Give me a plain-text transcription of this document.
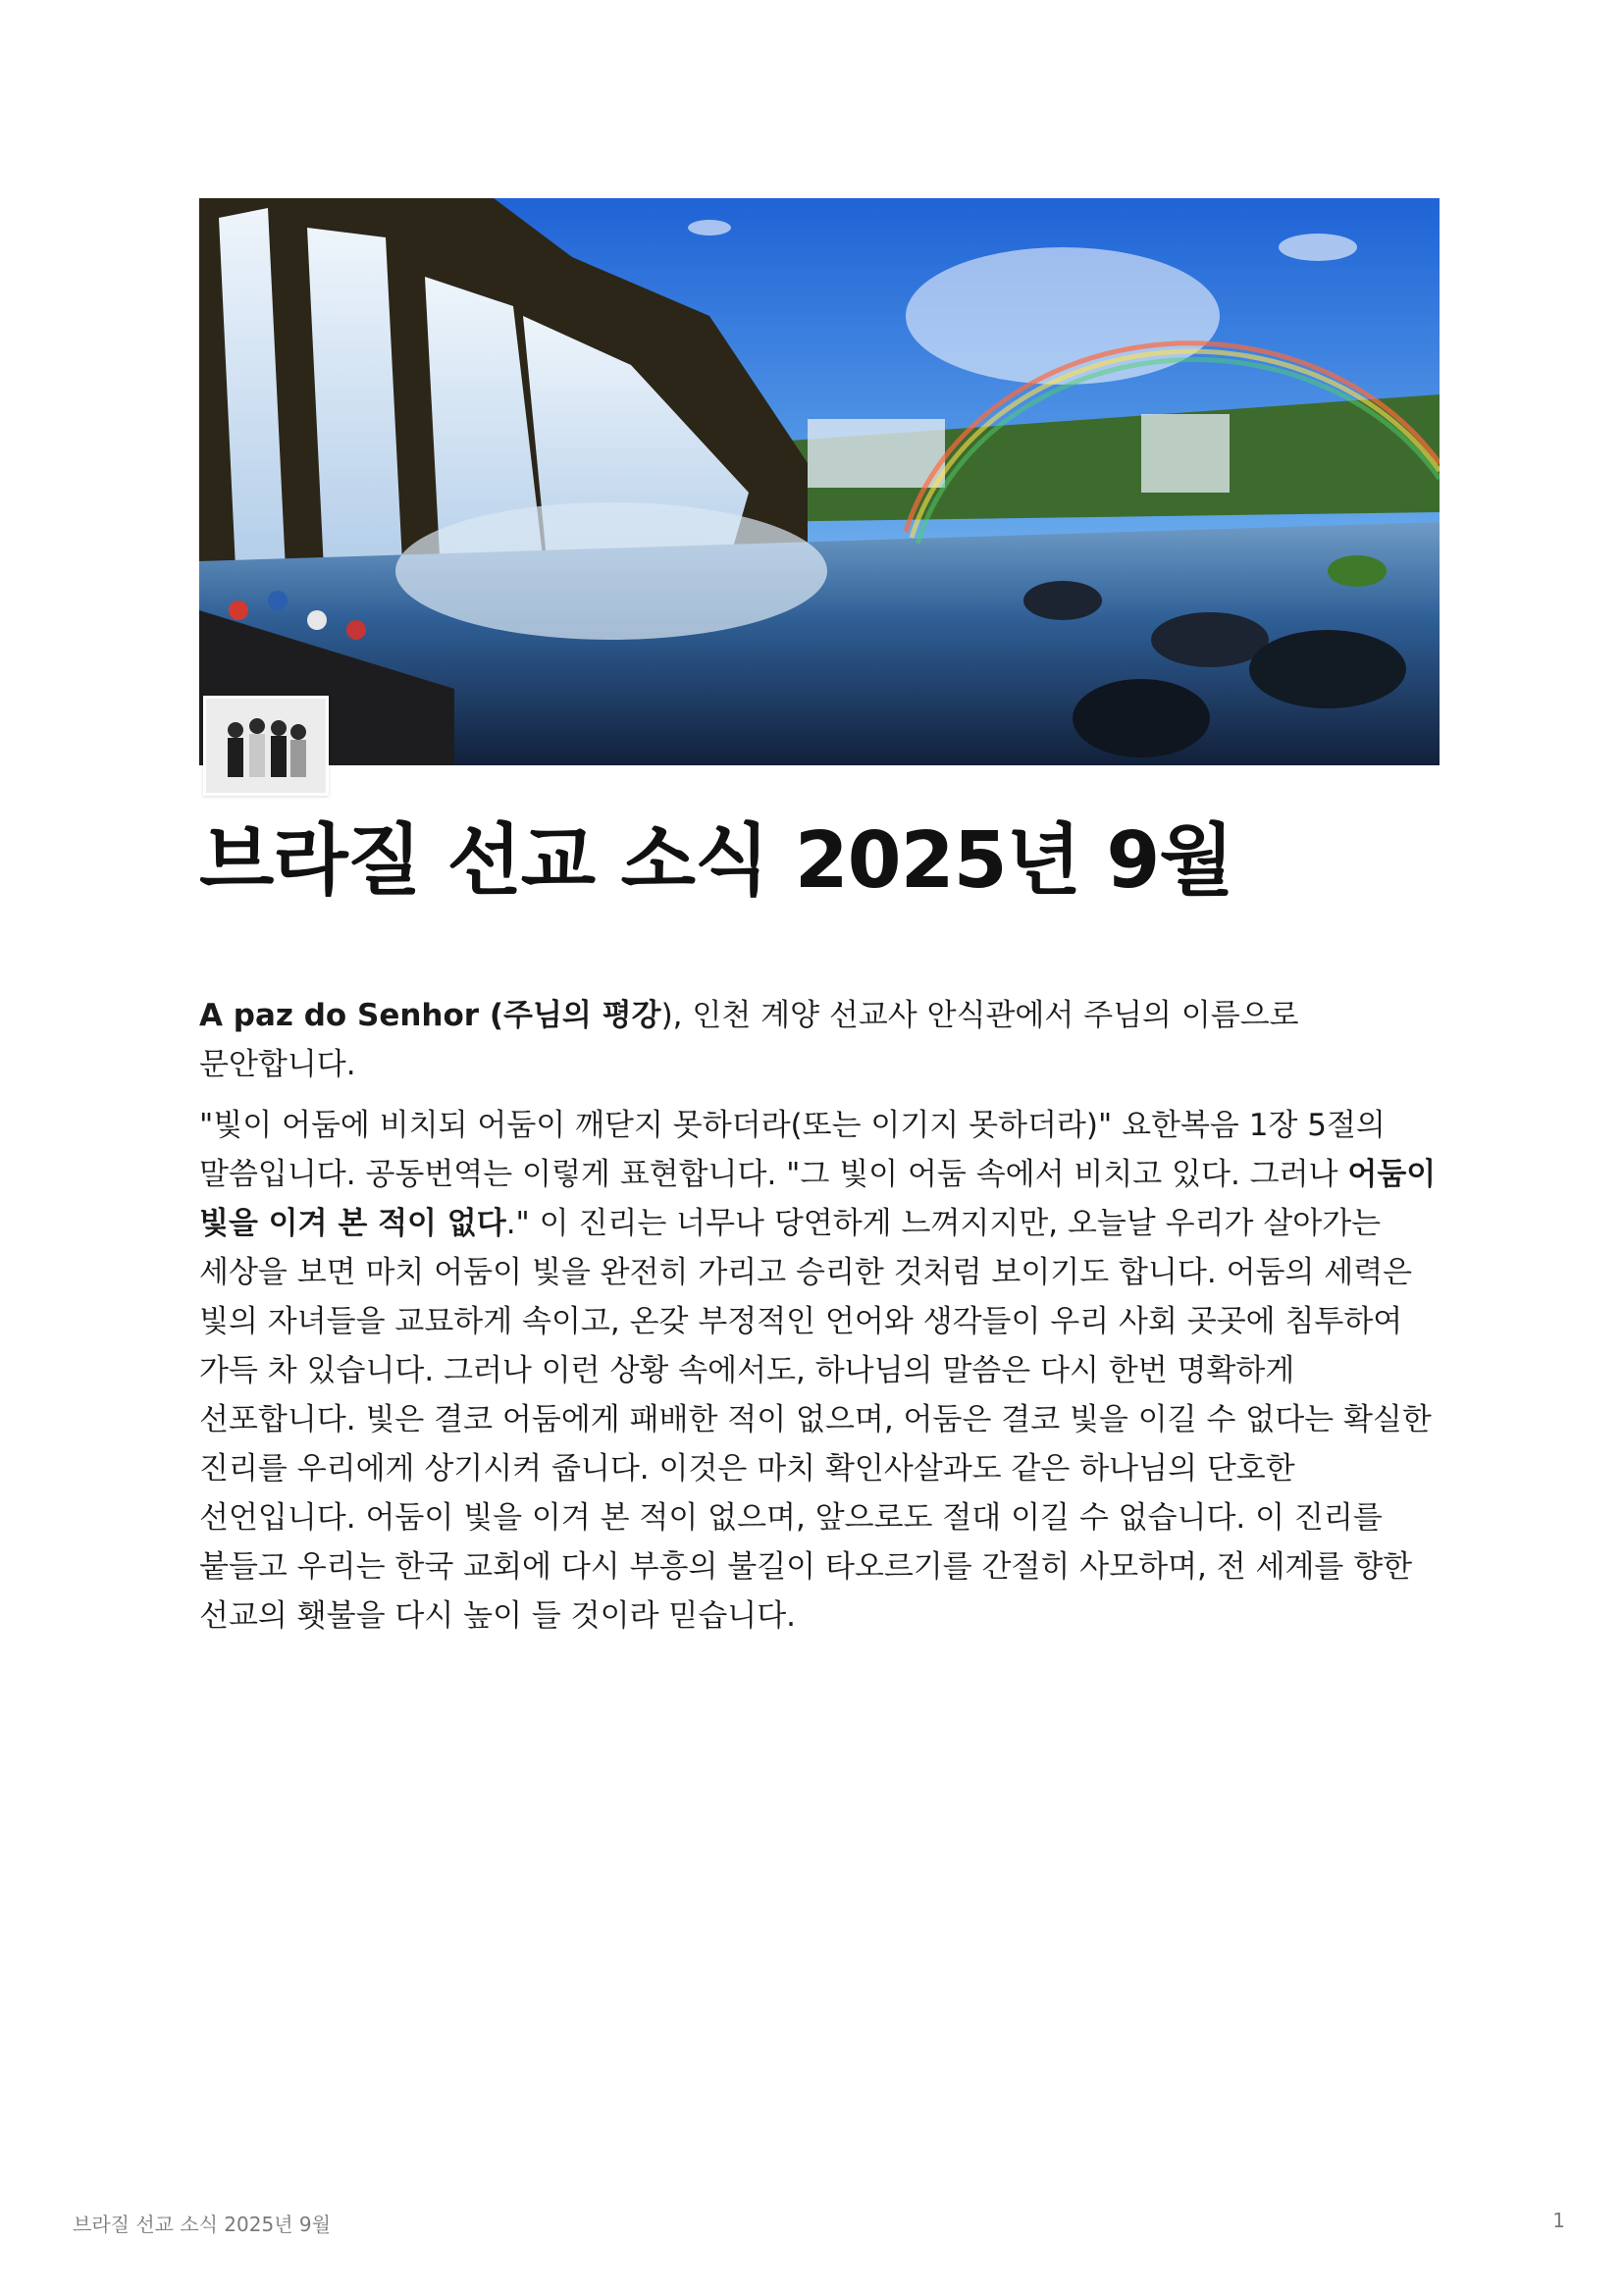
브라질 선교 소식 2025년 9월

A paz do Senhor (주님의 평강), 인천 계양 선교사 안식관에서 주님의 이름으로 문안합니다.

"빛이 어둠에 비치되 어둠이 깨닫지 못하더라(또는 이기지 못하더라)" 요한복음 1장 5절의 말씀입니다. 공동번역는 이렇게 표현합니다. "그 빛이 어둠 속에서 비치고 있다. 그러나 어둠이 빛을 이겨 본 적이 없다." 이 진리는 너무나 당연하게 느껴지지만, 오늘날 우리가 살아가는 세상을 보면 마치 어둠이 빛을 완전히 가리고 승리한 것처럼 보이기도 합니다. 어둠의 세력은 빛의 자녀들을 교묘하게 속이고, 온갖 부정적인 언어와 생각들이 우리 사회 곳곳에 침투하여 가득 차 있습니다. 그러나 이런 상황 속에서도, 하나님의 말씀은 다시 한번 명확하게 선포합니다. 빛은 결코 어둠에게 패배한 적이 없으며, 어둠은 결코 빛을 이길 수 없다는 확실한 진리를 우리에게 상기시켜 줍니다. 이것은 마치 확인사살과도 같은 하나님의 단호한 선언입니다. 어둠이 빛을 이겨 본 적이 없으며, 앞으로도 절대 이길 수 없습니다. 이 진리를 붙들고 우리는 한국 교회에 다시 부흥의 불길이 타오르기를 간절히 사모하며, 전 세계를 향한 선교의 횃불을 다시 높이 들 것이라 믿습니다.

브라질 선교 소식 2025년 9월	1
